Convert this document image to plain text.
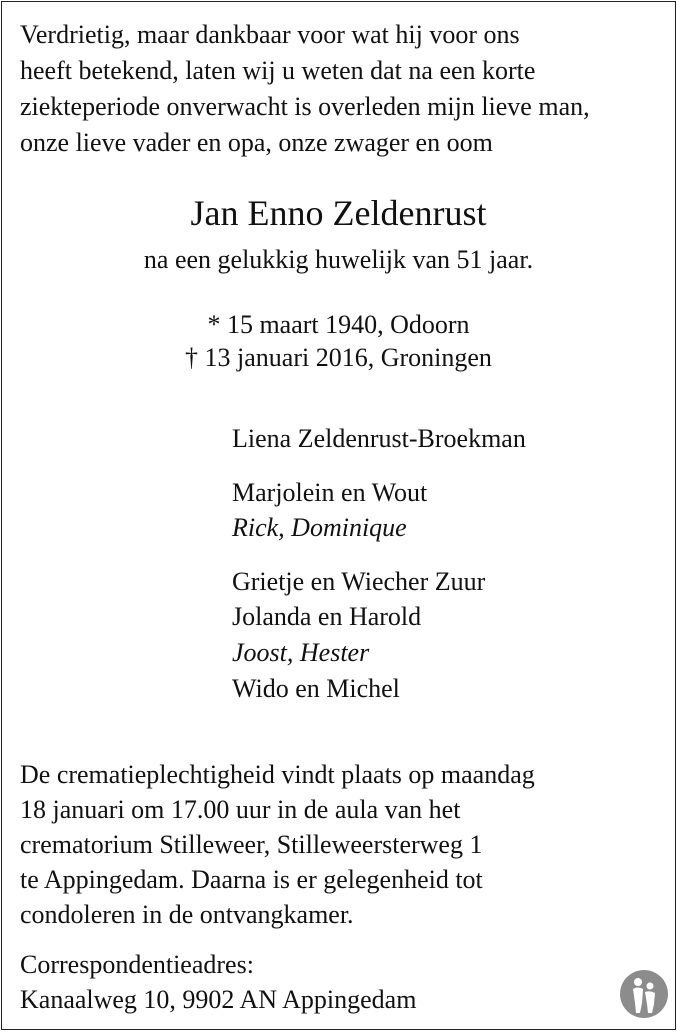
Verdrietig, maar dankbaar voor wat hij voor ons
heeft betekend, laten wij u weten dat na een korte
ziekteperiode onverwacht is overleden mijn lieve man,
onze lieve vader en opa, onze zwager en oom
Jan Enno Zeldenrust
na een gelukkig huwelijk van 51 jaar.
* 15 maart 1940, Odoorn
† 13 januari 2016, Groningen
Liena Zeldenrust-Broekman
Marjolein en Wout
Rick, Dominique
Grietje en Wiecher Zuur
Jolanda en Harold
Joost, Hester
Wido en Michel
De crematieplechtigheid vindt plaats op maandag
18 januari om 17.00 uur in de aula van het
crematorium Stilleweer, Stilleweersterweg 1
te Appingedam. Daarna is er gelegenheid tot
condoleren in de ontvangkamer.
Correspondentieadres:
Kanaalweg 10, 9902 AN Appingedam
